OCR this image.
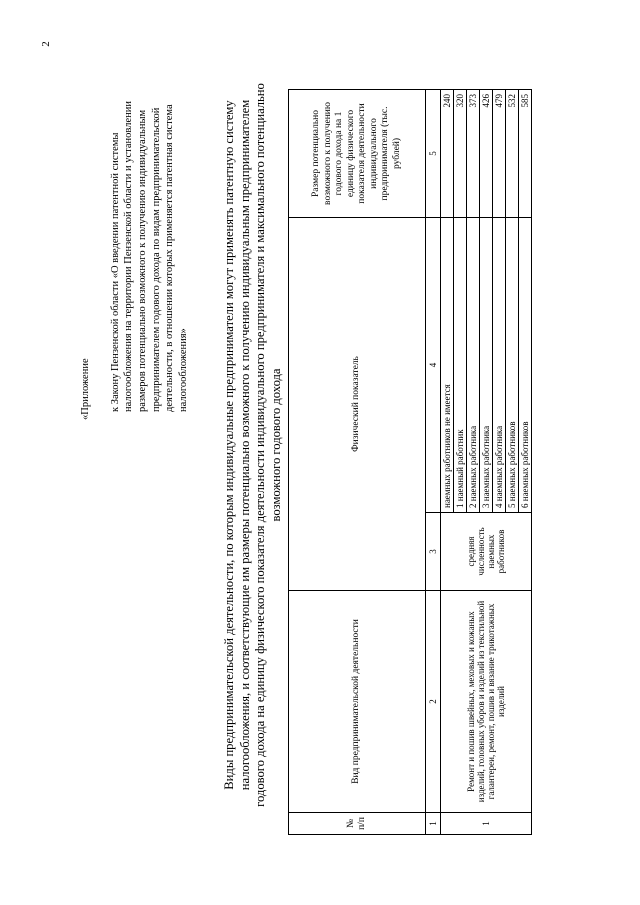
2
«Приложение к Закону Пензенской области «О введении патентной системы налогообложения на территории Пензенской области и установлении размеров потенциально возможного к получению индивидуальным предпринимателем годового дохода по видам предпринимательской деятельности, в отношении которых применяется патентная система налогообложения»	Виды предпринимательской деятельности, по которым индивидуальные предприниматели могут применять патентную систему налогообложения, и соответствующие им размеры потенциально возможного к получению индивидуальным предпринимателем годового дохода на единицу физического показателя деятельности индивидуального предпринимателя и максимального потенциально возможного годового дохода
№ п/п	Вид предпринимательской деятельности	Физический показатель		Размер потенциально возможного к получению годового дохода на 1 единицу физического показателя деятельности индивидуального предпринимателя (тыс. рублей)
1	2	3	4	5
1	Ремонт и пошив швейных, меховых и кожаных изделий, головных уборов и изделий из текстильной галантереи, ремонт, пошив и вязание трикотажных изделий	средняя численность наемных работников	наемных работников не имеется	240
			1 наемный работник	320
			2 наемных работника	373
			3 наемных работника	426
			4 наемных работника	479
			5 наемных работников	532
			6 наемных работников	585
